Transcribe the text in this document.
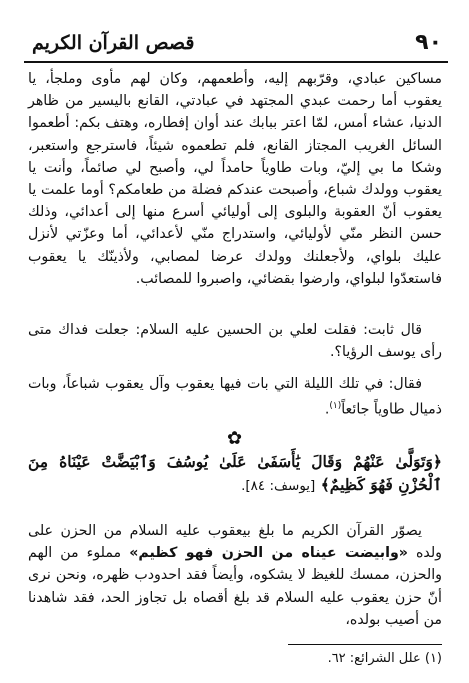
٩٠
قصص القرآن الكريم
مساكين عبادي، وقرّبهم إليه، وأطعمهم، وكان لهم مأوى وملجأ، يا يعقوب أما رحمت عبدي المجتهد في عبادتي، القانع باليسير من ظاهر الدنيا، عشاء أمس، لمّا اعتر ببابك عند أوان إفطاره، وهتف بكم: أطعموا السائل الغريب المجتاز القانع، فلم تطعموه شيئاً، فاسترجع واستعبر، وشكا ما بي إليّ، وبات طاوياً حامداً لي، وأصبح لي صائماً، وأنت يا يعقوب وولدك شباع، وأصبحت عندكم فضلة من طعامكم؟ أوما علمت يا يعقوب أنّ العقوبة والبلوى إلى أوليائي أسرع منها إلى أعدائي، وذلك حسن النظر منّي لأوليائي، واستدراج منّي لأعدائي، أما وعزّتي لأنزل عليك بلواي، ولأجعلنك وولدك عرضا لمصابي، ولأذينّك يا يعقوب فاستعدّوا لبلواي، وارضوا بقضائي، واصبروا للمصائب.
قال ثابت: فقلت لعلي بن الحسين عليه السلام: جعلت فداك متى رأى يوسف الرؤيا؟.
فقال: في تلك الليلة التي بات فيها يعقوب وآل يعقوب شباعاً، وبات ذميال طاوياً جائعاً$^{(١)}$.
✿
﴿وَتَوَلَّىٰ عَنْهُمْ وَقَالَ يَٰأَسَفَىٰ عَلَىٰ يُوسُفَ وَٱبْيَضَّتْ عَيْنَاهُ مِنَ ٱلْحُزْنِ فَهُوَ كَظِيمٌ﴾ [يوسف: ٨٤].
يصوّر القرآن الكريم ما بلغ بيعقوب عليه السلام من الحزن على ولده «وابيضت عيناه من الحزن فهو كظيم» مملوء من الهم والحزن، ممسك للغيظ لا يشكوه، وأيضاً فقد احدودب ظهره، ونحن نرى أنّ حزن يعقوب عليه السلام قد بلغ أقصاه بل تجاوز الحد، فقد شاهدنا من أصيب بولده،
(١) علل الشرائع: ٦٢.
